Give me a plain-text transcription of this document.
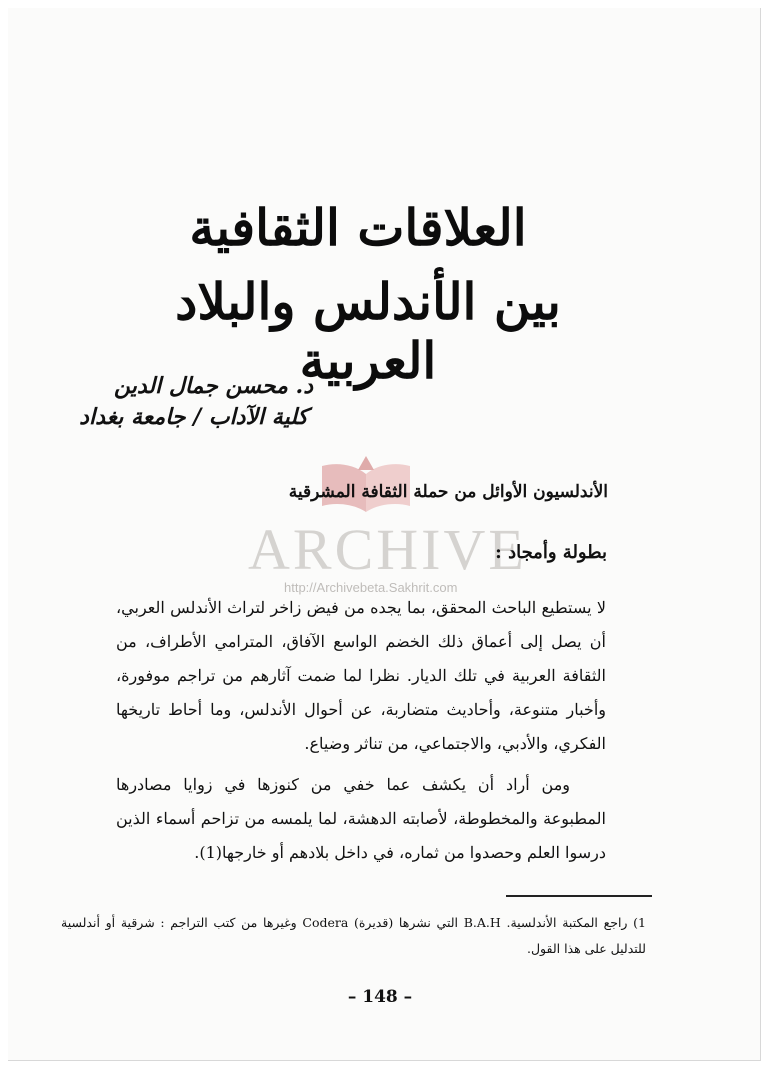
العلاقات الثقافية
بين الأندلس والبلاد العربية
د. محسن جمال الدين
كلية الآداب / جامعة بغداد
ARCHIVE
http://Archivebeta.Sakhrit.com
الأندلسيون الأوائل من حملة الثقافة المشرقية
بطولة وأمجاد :
لا يستطيع الباحث المحقق، بما يجده من فيض زاخر لتراث الأندلس العربي، أن يصل إلى أعماق ذلك الخضم الواسع الآفاق، المترامي الأطراف، من الثقافة العربية في تلك الديار. نظرا لما ضمت آثارهم من تراجم موفورة، وأخبار متنوعة، وأحاديث متضاربة، عن أحوال الأندلس، وما أحاط تاريخها الفكري، والأدبي، والاجتماعي، من تناثر وضياع.
ومن أراد أن يكشف عما خفي من كنوزها في زوايا مصادرها المطبوعة والمخطوطة، لأصابته الدهشة، لما يلمسه من تزاحم أسماء الذين درسوا العلم وحصدوا من ثماره، في داخل بلادهم أو خارجها(1).
1) راجع المكتبة الأندلسية. B.A.H التي نشرها (قديرة) Codera وغيرها من كتب التراجم : شرقية أو أندلسية للتدليل على هذا القول.
– 148 –
